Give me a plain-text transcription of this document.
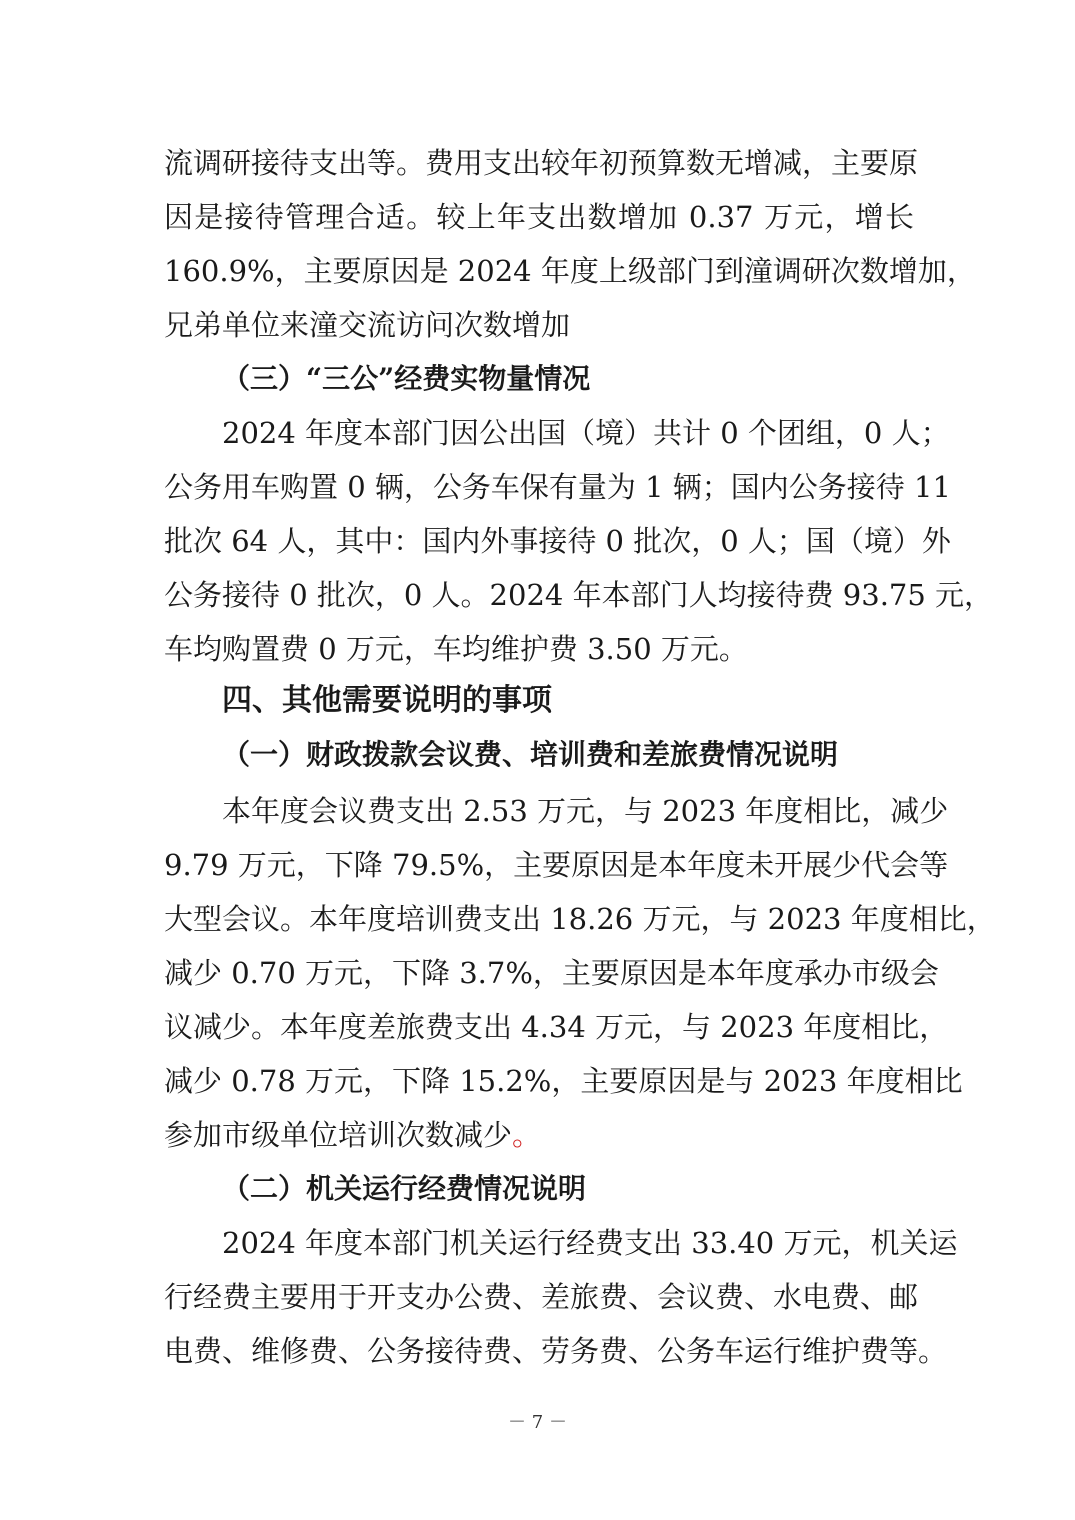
流调研接待支出等。费用支出较年初预算数无增减，主要原
因是接待管理合适。较上年支出数增加 0.37 万元，增长
160.9%，主要原因是 2024 年度上级部门到潼调研次数增加，
兄弟单位来潼交流访问次数增加
（三）“三公”经费实物量情况
2024 年度本部门因公出国（境）共计 0 个团组，0 人；
公务用车购置 0 辆，公务车保有量为 1 辆；国内公务接待 11
批次 64 人，其中：国内外事接待 0 批次，0 人；国（境）外
公务接待 0 批次，0 人。2024 年本部门人均接待费 93.75 元，
车均购置费 0 万元，车均维护费 3.50 万元。
四、其他需要说明的事项
（一）财政拨款会议费、培训费和差旅费情况说明
本年度会议费支出 2.53 万元，与 2023 年度相比，减少
9.79 万元，下降 79.5%，主要原因是本年度未开展少代会等
大型会议。本年度培训费支出 18.26 万元，与 2023 年度相比，
减少 0.70 万元，下降 3.7%，主要原因是本年度承办市级会
议减少。本年度差旅费支出 4.34 万元，与 2023 年度相比，
减少 0.78 万元，下降 15.2%，主要原因是与 2023 年度相比
参加市级单位培训次数减少。
（二）机关运行经费情况说明
2024 年度本部门机关运行经费支出 33.40 万元，机关运
行经费主要用于开支办公费、差旅费、会议费、水电费、邮
电费、维修费、公务接待费、劳务费、公务车运行维护费等。
－ 7 －
